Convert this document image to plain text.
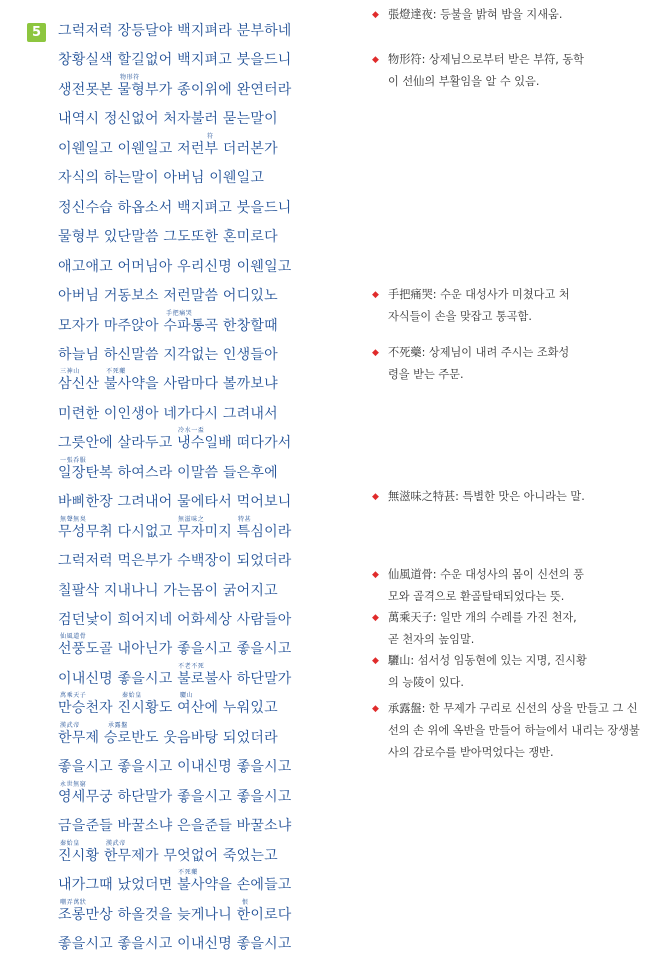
5	그럭저럭 장등달야 백지펴라 분부하네
창황실색 할길없어 백지펴고 붓을드니
생전못본 물형부가 종이위에 완연터라
내역시 정신없어 처자불러 묻는말이
이웬일고 이웬일고 저런부 더러본가
자식의 하는말이 아버님 이웬일고
정신수습 하옵소서 백지펴고 붓을드니
물형부 있단말씀 그도또한 혼미로다
애고애고 어머님아 우리신명 이웬일고
아버님 거동보소 저런말씀 어디있노
모자가 마주앉아 수파통곡 한창할때
하늘님 하신말씀 지각없는 인생들아
삼신산 불사약을 사람마다 볼까보냐
미련한 이인생아 네가다시 그려내서
그릇안에 살라두고 냉수일배 떠다가서
일장탄복 하여스라 이말씀 들은후에
바삐한장 그려내어 물에타서 먹어보니
무성무취 다시없고 무자미지 특심이라
그럭저럭 먹은부가 수백장이 되었더라
칠팔삭 지내나니 가는몸이 굵어지고
검던낯이 희어지네 어화세상 사람들아
선풍도골 내아닌가 좋을시고 좋을시고
이내신명 좋을시고 불로불사 하단말가
만승천자 진시황도 여산에 누워있고
한무제 승로반도 웃음바탕 되었더라
좋을시고 좋을시고 이내신명 좋을시고
영세무궁 하단말가 좋을시고 좋을시고
금을준들 바꿀소냐 은을준들 바꿀소냐
진시황 한무제가 무엇없어 죽었는고
내가그때 났었더면 불사약을 손에들고
조롱만상 하올것을 늦게나니 한이로다
좋을시고 좋을시고 이내신명 좋을시고
物形符
符
手把痛哭
三神山	不死藥
冷水一盃
一張呑服
無聲無臭	無滋味之	特甚
仙風道骨
不老不死
萬乘天子	秦始皇	驪山
漢武帝	承露盤
永世無窮
秦始皇	漢武帝
不死藥
嘲弄萬狀	恨
◆ 張燈達夜: 등불을 밝혀 밤을 지새움.
◆ 物形符: 상제님으로부터 받은 부符, 동학
이 선仙의 부활임을 알 수 있음.
◆ 手把痛哭: 수운 대성사가 미쳤다고 처
자식들이 손을 맞잡고 통곡함.
◆ 不死藥: 상제님이 내려 주시는 조화성
령을 받는 주문.
◆ 無滋味之特甚: 특별한 맛은 아니라는 말.
◆ 仙風道骨: 수운 대성사의 몸이 신선의 풍
모와 골격으로 환골탈태되었다는 뜻.
◆ 萬乘天子: 일만 개의 수레를 가진 천자,
곧 천자의 높임말.
◆ 驪山: 섬서성 임동현에 있는 지명, 진시황
의 능陵이 있다.
◆ 承露盤: 한 무제가 구리로 신선의 상을 만들고 그 신
선의 손 위에 옥반을 만들어 하늘에서 내리는 장생불
사의 감로수를 받아먹었다는 쟁반.
